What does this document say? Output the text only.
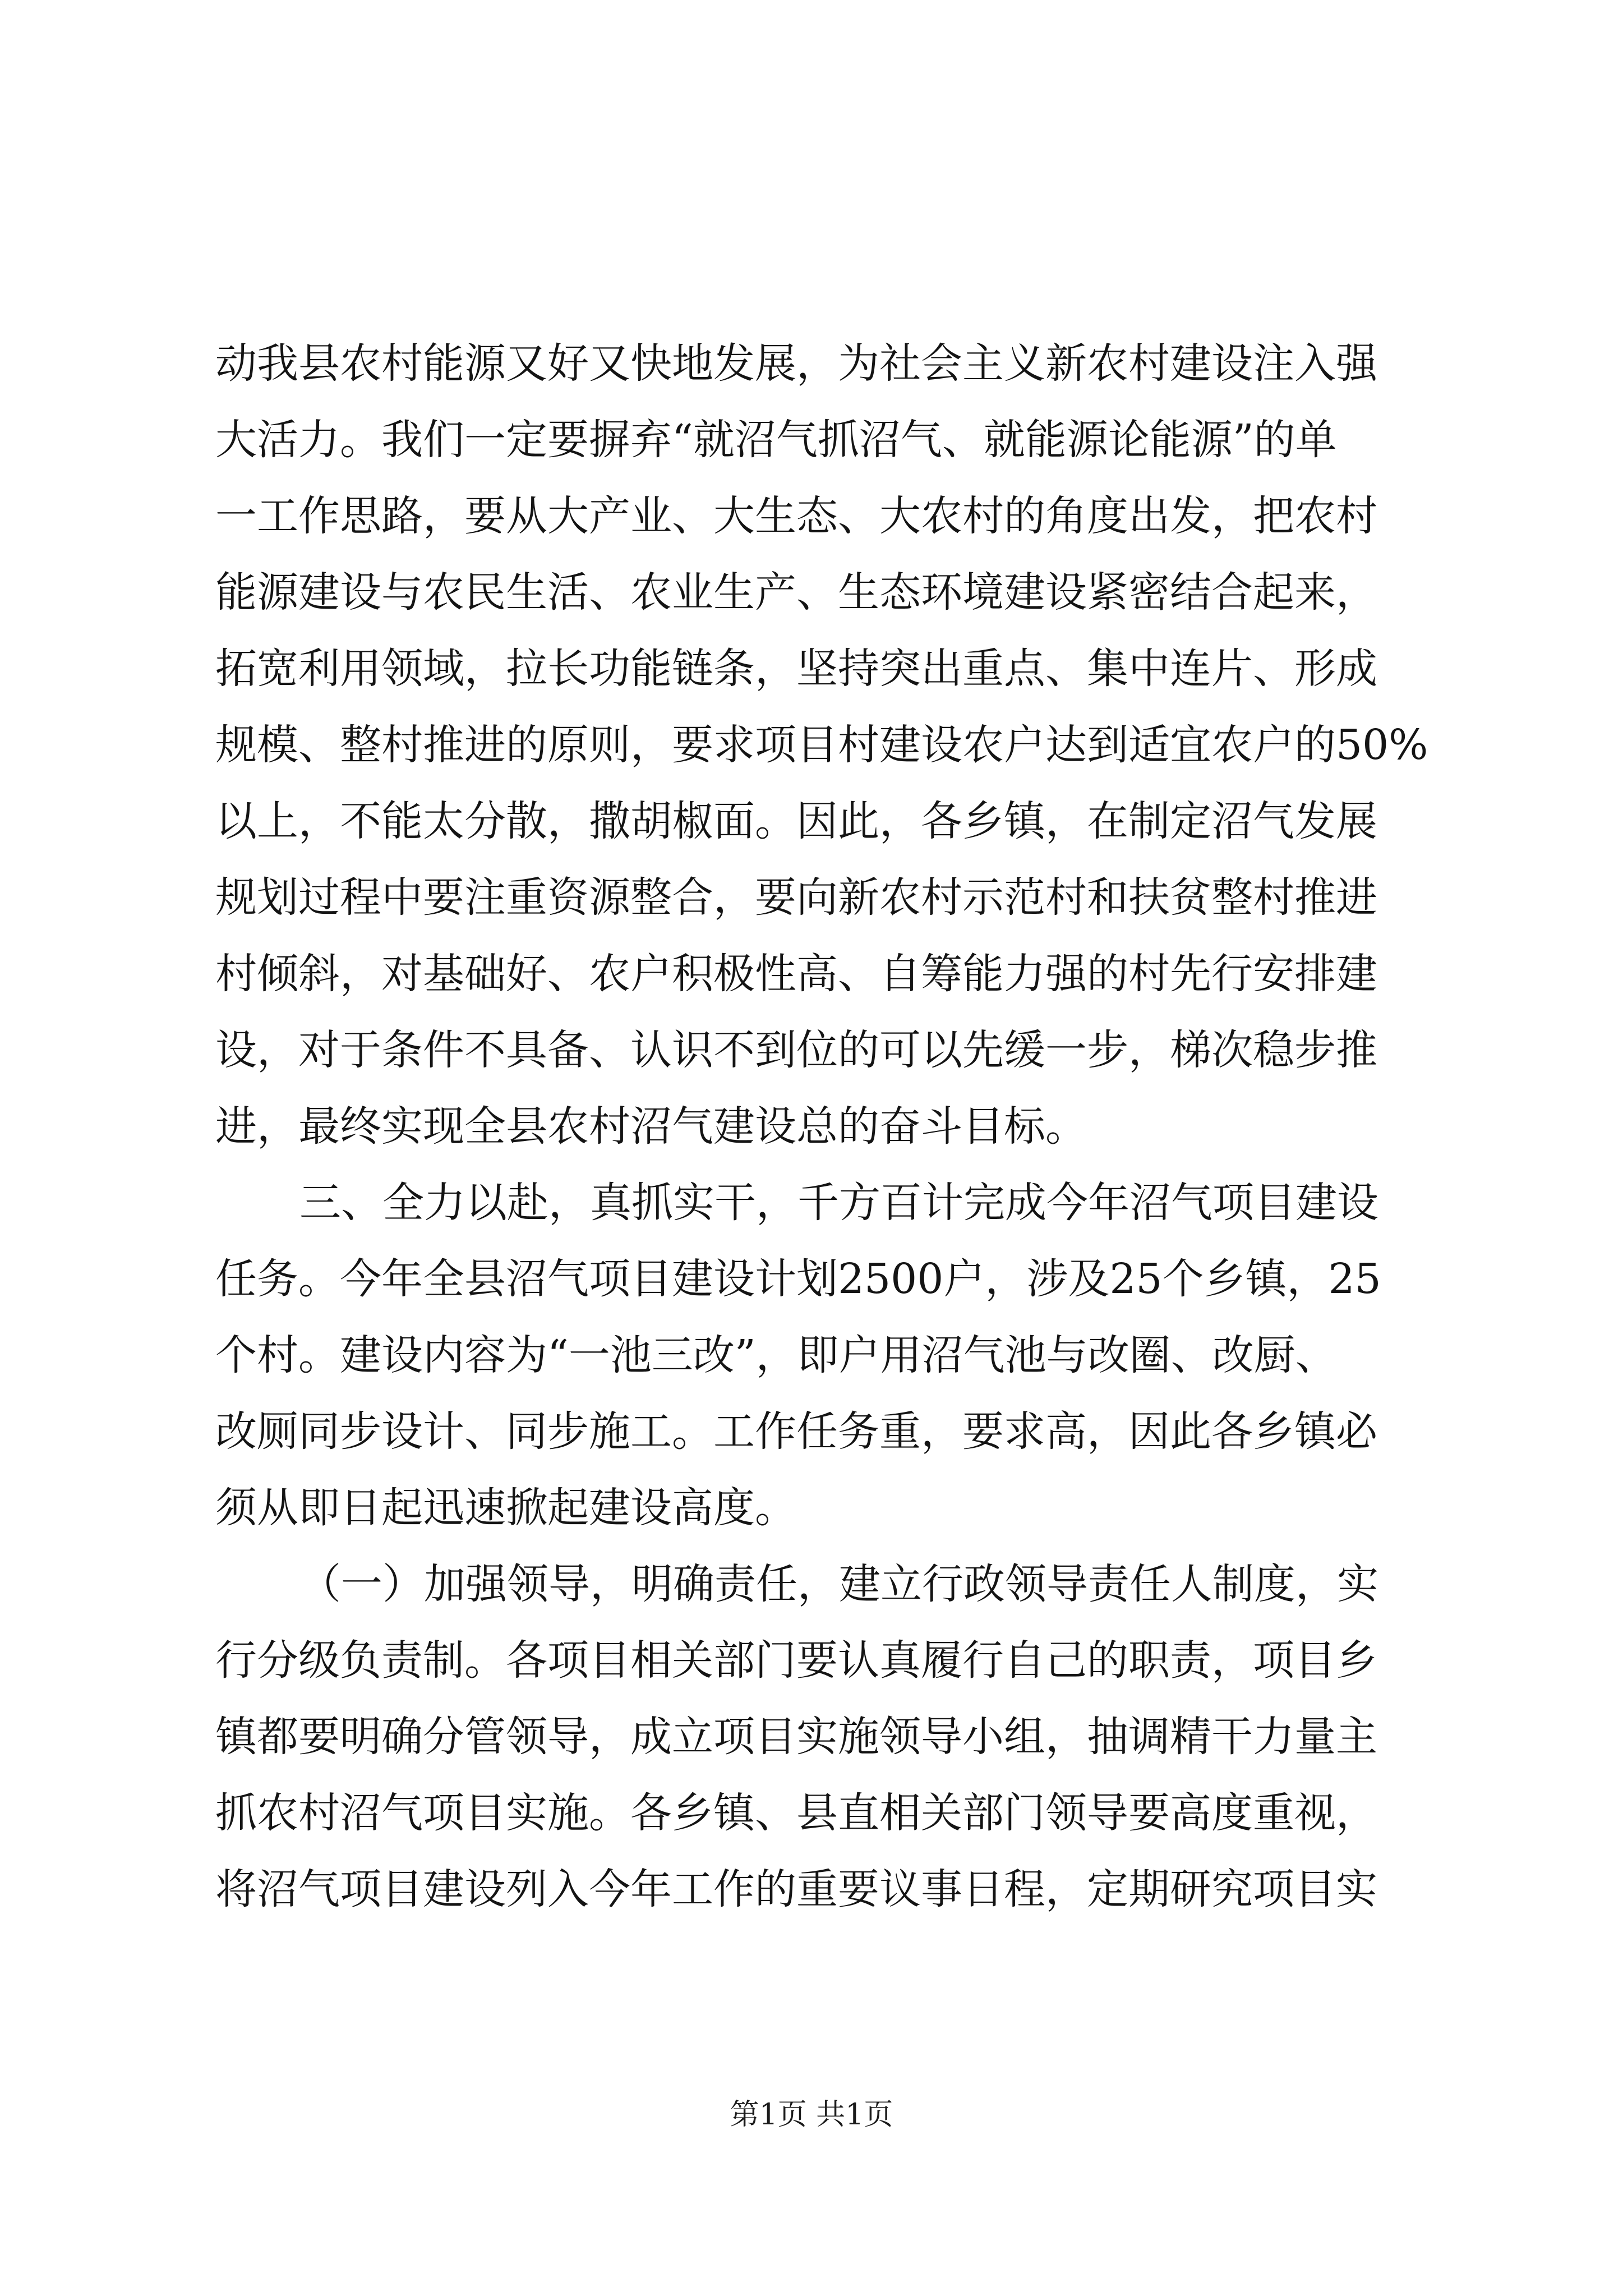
动我县农村能源又好又快地发展，为社会主义新农村建设注入强

大活力。我们一定要摒弃“就沼气抓沼气、就能源论能源”的单

一工作思路，要从大产业、大生态、大农村的角度出发，把农村

能源建设与农民生活、农业生产、生态环境建设紧密结合起来，

拓宽利用领域，拉长功能链条，坚持突出重点、集中连片、形成

规模、整村推进的原则，要求项目村建设农户达到适宜农户的50%

以上，不能太分散，撒胡椒面。因此，各乡镇，在制定沼气发展

规划过程中要注重资源整合，要向新农村示范村和扶贫整村推进

村倾斜，对基础好、农户积极性高、自筹能力强的村先行安排建

设，对于条件不具备、认识不到位的可以先缓一步，梯次稳步推

进，最终实现全县农村沼气建设总的奋斗目标。

三、全力以赴，真抓实干，千方百计完成今年沼气项目建设

任务。今年全县沼气项目建设计划2500户，涉及25个乡镇，25

个村。建设内容为“一池三改”，即户用沼气池与改圈、改厨、

改厕同步设计、同步施工。工作任务重，要求高，因此各乡镇必

须从即日起迅速掀起建设高度。

（一）加强领导，明确责任，建立行政领导责任人制度，实

行分级负责制。各项目相关部门要认真履行自己的职责，项目乡

镇都要明确分管领导，成立项目实施领导小组，抽调精干力量主

抓农村沼气项目实施。各乡镇、县直相关部门领导要高度重视，

将沼气项目建设列入今年工作的重要议事日程，定期研究项目实

第1页 共1页
